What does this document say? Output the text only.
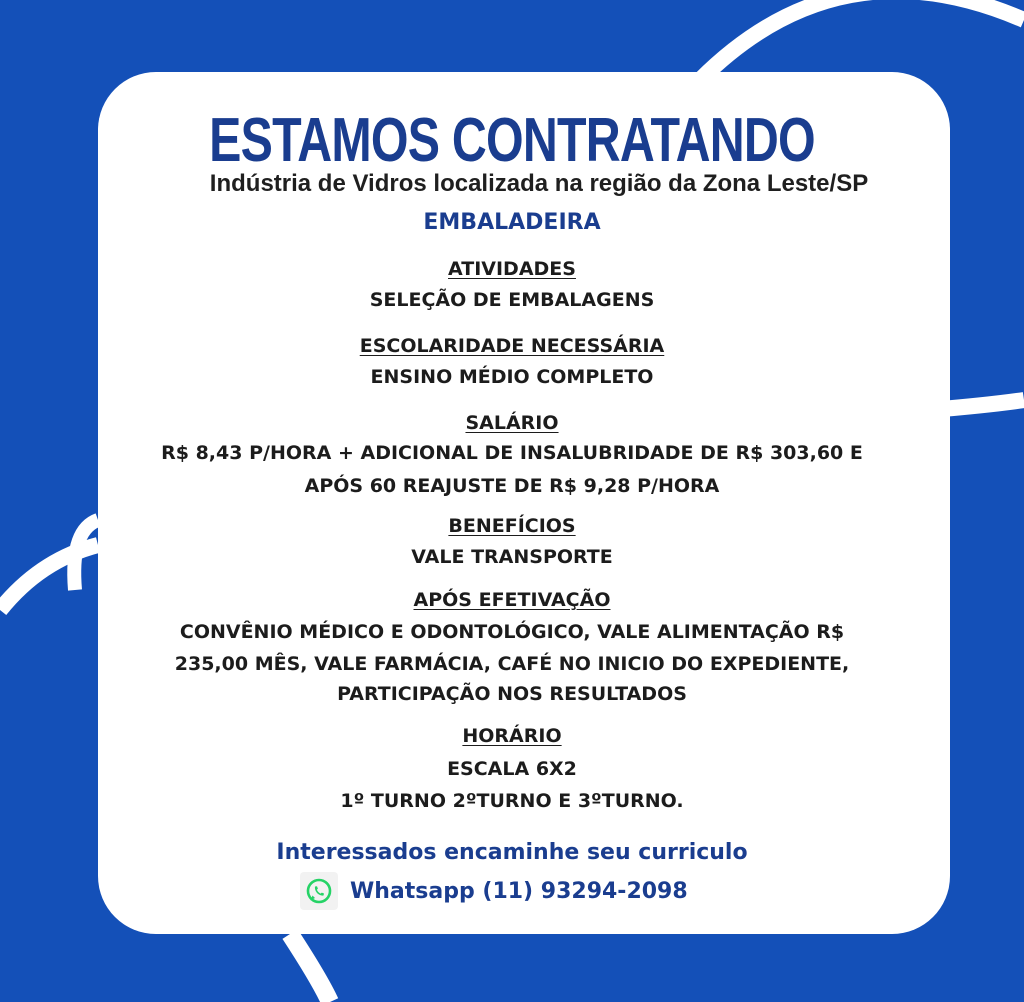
ESTAMOS CONTRATANDO
Indústria de Vidros localizada na região da Zona Leste/SP
EMBALADEIRA
ATIVIDADES
SELEÇÃO DE EMBALAGENS
ESCOLARIDADE NECESSÁRIA
ENSINO MÉDIO COMPLETO
SALÁRIO
R$ 8,43 P/HORA + ADICIONAL DE INSALUBRIDADE DE R$ 303,60 E
APÓS 60 REAJUSTE DE R$ 9,28 P/HORA
BENEFÍCIOS
VALE TRANSPORTE
APÓS EFETIVAÇÃO
CONVÊNIO MÉDICO E ODONTOLÓGICO, VALE ALIMENTAÇÃO R$
235,00 MÊS, VALE FARMÁCIA, CAFÉ NO INICIO DO EXPEDIENTE,
PARTICIPAÇÃO NOS RESULTADOS
HORÁRIO
ESCALA 6X2
1º TURNO 2ºTURNO E 3ºTURNO.
Interessados encaminhe seu curriculo
Whatsapp (11) 93294-2098
